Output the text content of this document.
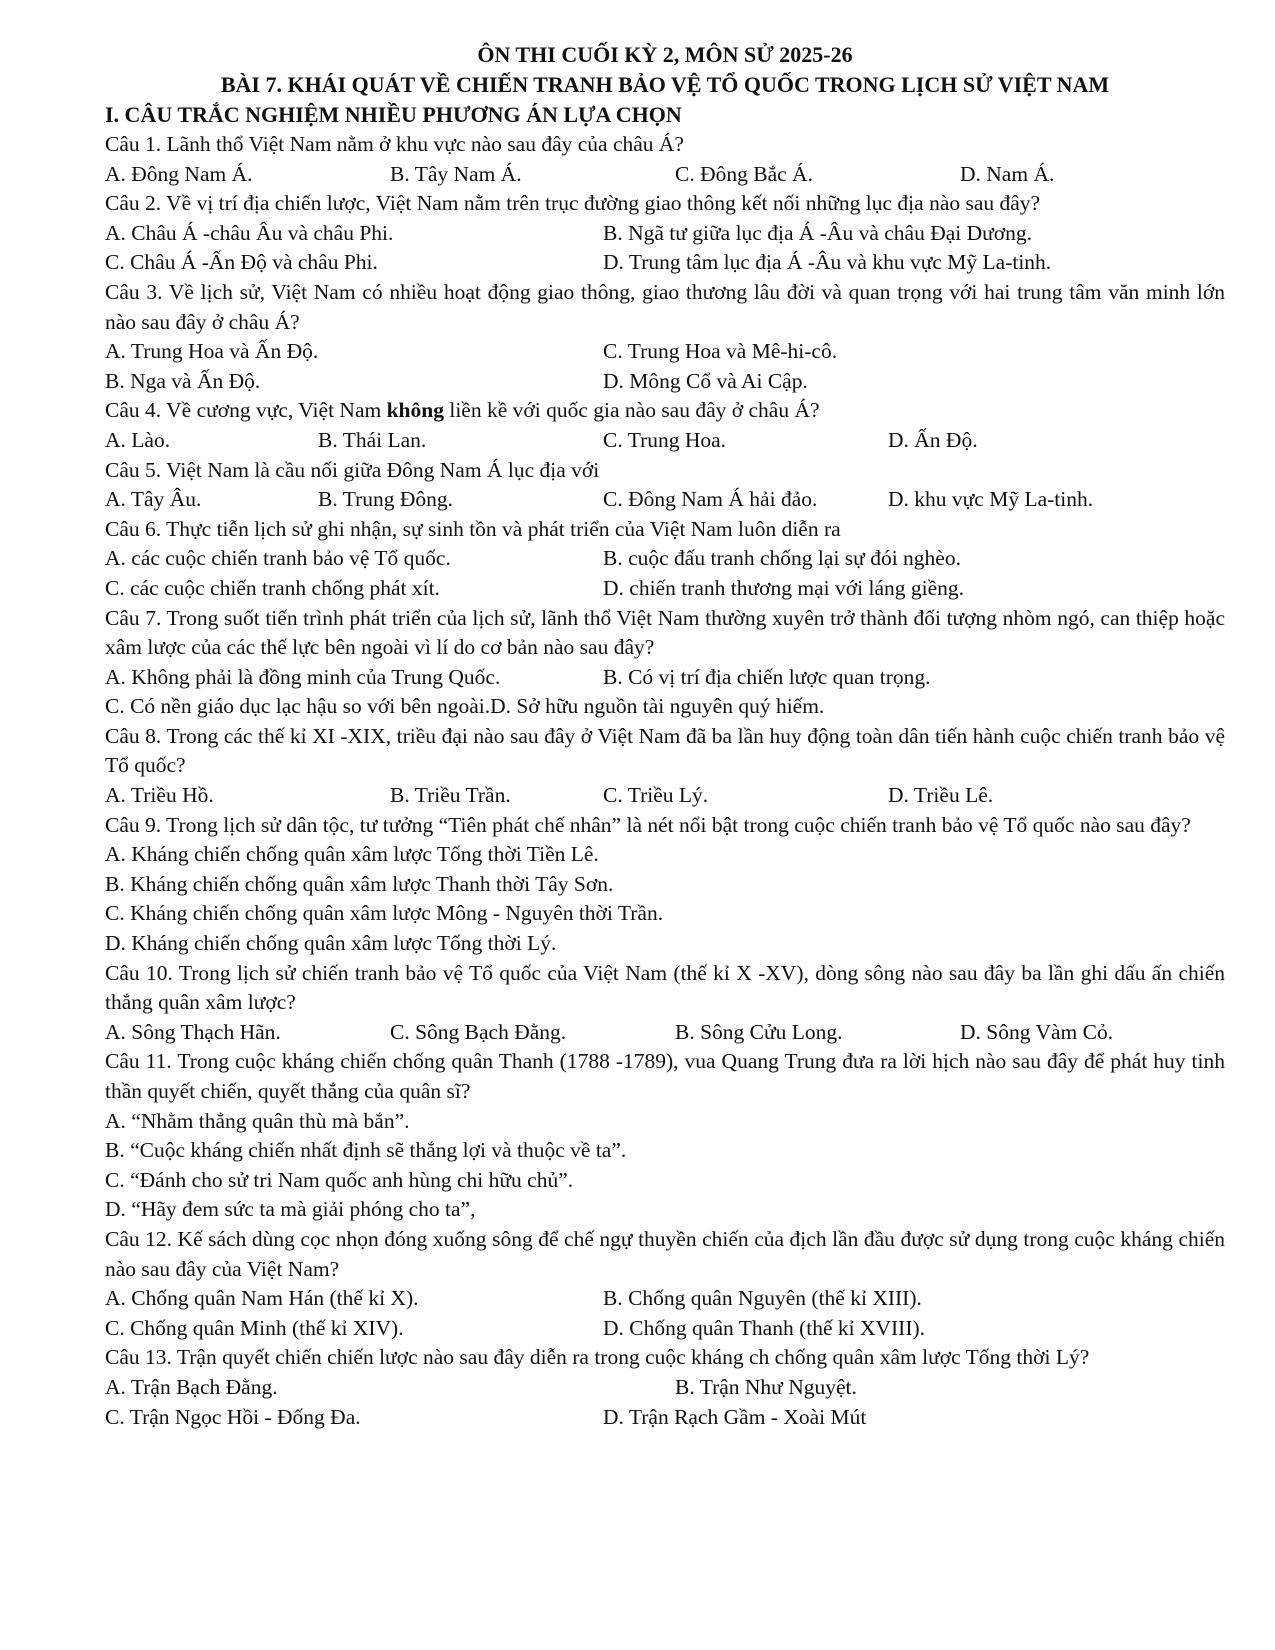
ÔN THI CUỐI KỲ 2, MÔN SỬ 2025-26
BÀI 7. KHÁI QUÁT VỀ CHIẾN TRANH BẢO VỆ TỔ QUỐC TRONG LỊCH SỬ VIỆT NAM
I. CÂU TRẮC NGHIỆM NHIỀU PHƯƠNG ÁN LỰA CHỌN
Câu 1. Lãnh thổ Việt Nam nằm ở khu vực nào sau đây của châu Á?
A. Đông Nam Á.	B. Tây Nam Á.	C. Đông Bắc Á.	D. Nam Á.
Câu 2. Về vị trí địa chiến lược, Việt Nam nằm trên trục đường giao thông kết nối những lục địa nào sau đây?
A. Châu Á -châu Âu và châu Phi.	B. Ngã tư giữa lục địa Á -Âu và châu Đại Dương.
C. Châu Á -Ấn Độ và châu Phi.	D. Trung tâm lục địa Á -Âu và khu vực Mỹ La-tinh.
Câu 3. Về lịch sử, Việt Nam có nhiều hoạt động giao thông, giao thương lâu đời và quan trọng với hai trung tâm văn minh lớn nào sau đây ở châu Á?
A. Trung Hoa và Ấn Độ.	C. Trung Hoa và Mê-hi-cô.
B. Nga và Ấn Độ.	D. Mông Cổ và Ai Cập.
Câu 4. Về cương vực, Việt Nam không liền kề với quốc gia nào sau đây ở châu Á?
A. Lào.	B. Thái Lan.	C. Trung Hoa.	D. Ấn Độ.
Câu 5. Việt Nam là cầu nối giữa Đông Nam Á lục địa với
A. Tây Âu.	B. Trung Đông.	C. Đông Nam Á hải đảo.	D. khu vực Mỹ La-tinh.
Câu 6. Thực tiễn lịch sử ghi nhận, sự sinh tồn và phát triển của Việt Nam luôn diễn ra
A. các cuộc chiến tranh bảo vệ Tổ quốc.	B. cuộc đấu tranh chống lại sự đói nghèo.
C. các cuộc chiến tranh chống phát xít.	D. chiến tranh thương mại với láng giềng.
Câu 7. Trong suốt tiến trình phát triển của lịch sử, lãnh thổ Việt Nam thường xuyên trở thành đối tượng nhòm ngó, can thiệp hoặc xâm lược của các thế lực bên ngoài vì lí do cơ bản nào sau đây?
A. Không phải là đồng minh của Trung Quốc.	B. Có vị trí địa chiến lược quan trọng.
C. Có nền giáo dục lạc hậu so với bên ngoài.D. Sở hữu nguồn tài nguyên quý hiếm.
Câu 8. Trong các thế kỉ XI -XIX, triều đại nào sau đây ở Việt Nam đã ba lần huy động toàn dân tiến hành cuộc chiến tranh bảo vệ Tổ quốc?
A. Triều Hồ.	B. Triều Trần.	C. Triều Lý.	D. Triều Lê.
Câu 9. Trong lịch sử dân tộc, tư tưởng “Tiên phát chế nhân” là nét nổi bật trong cuộc chiến tranh bảo vệ Tổ quốc nào sau đây?
A. Kháng chiến chống quân xâm lược Tống thời Tiền Lê.
B. Kháng chiến chống quân xâm lược Thanh thời Tây Sơn.
C. Kháng chiến chống quân xâm lược Mông - Nguyên thời Trần.
D. Kháng chiến chống quân xâm lược Tống thời Lý.
Câu 10. Trong lịch sử chiến tranh bảo vệ Tổ quốc của Việt Nam (thế kỉ X -XV), dòng sông nào sau đây ba lần ghi dấu ấn chiến thắng quân xâm lược?
A. Sông Thạch Hãn.	C. Sông Bạch Đằng.	B. Sông Cửu Long.	D. Sông Vàm Cỏ.
Câu 11. Trong cuộc kháng chiến chống quân Thanh (1788 -1789), vua Quang Trung đưa ra lời hịch nào sau đây để phát huy tinh thần quyết chiến, quyết thắng của quân sĩ?
A. “Nhằm thẳng quân thù mà bắn”.
B. “Cuộc kháng chiến nhất định sẽ thắng lợi và thuộc về ta”.
C. “Đánh cho sử tri Nam quốc anh hùng chi hữu chủ”.
D. “Hãy đem sức ta mà giải phóng cho ta”,
Câu 12. Kế sách dùng cọc nhọn đóng xuống sông để chế ngự thuyền chiến của địch lần đầu được sử dụng trong cuộc kháng chiến nào sau đây của Việt Nam?
A. Chống quân Nam Hán (thế kỉ X).	B. Chống quân Nguyên (thế kỉ XIII).
C. Chống quân Minh (thế kỉ XIV).	D. Chống quân Thanh (thế kỉ XVIII).
Câu 13. Trận quyết chiến chiến lược nào sau đây diễn ra trong cuộc kháng ch chống quân xâm lược Tống thời Lý?
A. Trận Bạch Đằng.	B. Trận Như Nguyệt.
C. Trận Ngọc Hồi - Đống Đa.	D. Trận Rạch Gầm - Xoài Mút
